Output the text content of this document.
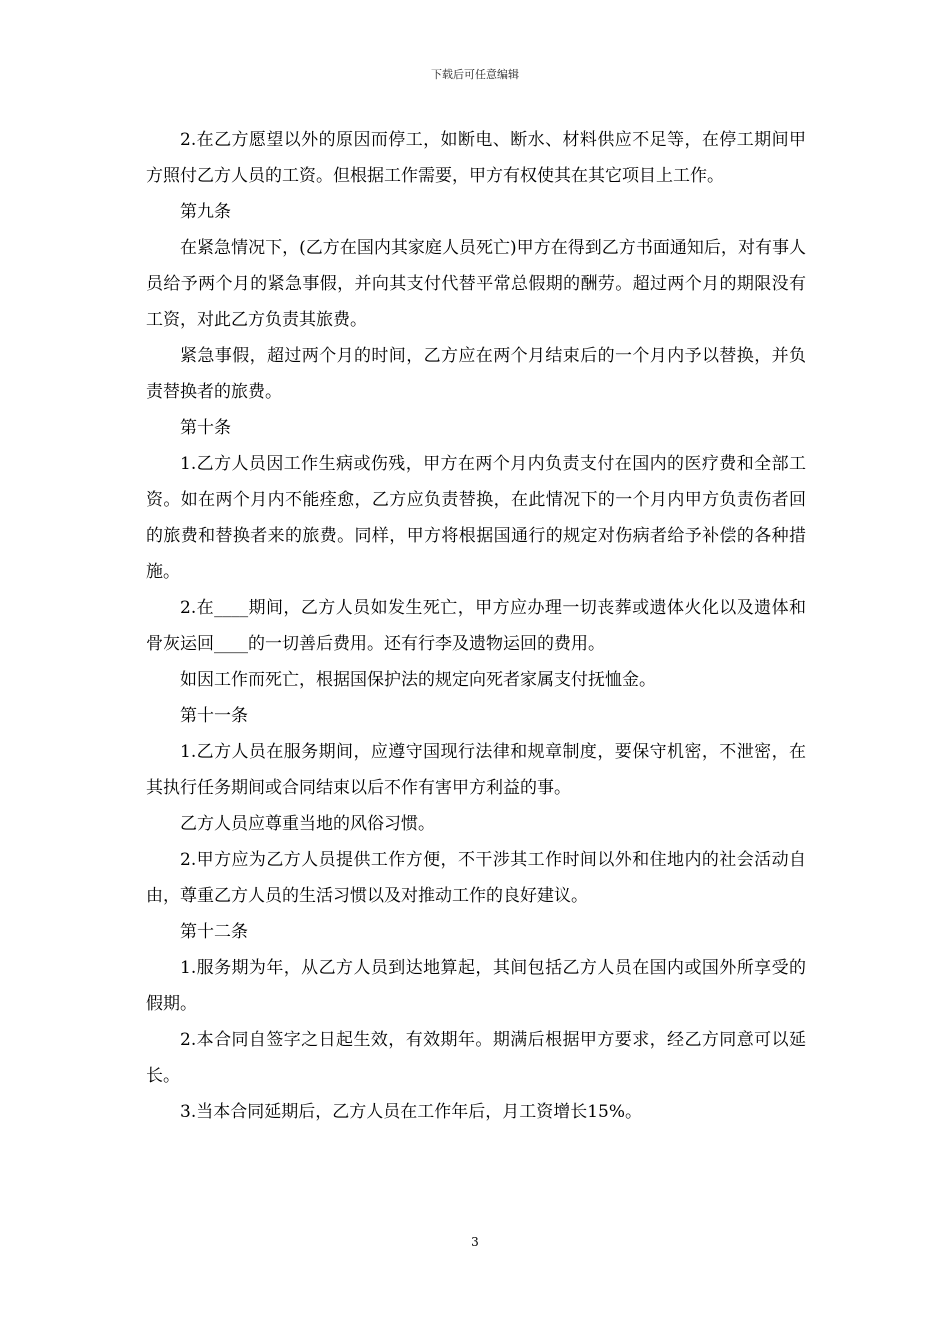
下载后可任意编辑

2.在乙方愿望以外的原因而停工，如断电、断水、材料供应不足等，在停工期间甲方照付乙方人员的工资。但根据工作需要，甲方有权使其在其它项目上工作。

第九条

在紧急情况下，(乙方在国内其家庭人员死亡)甲方在得到乙方书面通知后，对有事人员给予两个月的紧急事假，并向其支付代替平常总假期的酬劳。超过两个月的期限没有工资，对此乙方负责其旅费。

紧急事假，超过两个月的时间，乙方应在两个月结束后的一个月内予以替换，并负责替换者的旅费。

第十条

1.乙方人员因工作生病或伤残，甲方在两个月内负责支付在国内的医疗费和全部工资。如在两个月内不能痊愈，乙方应负责替换，在此情况下的一个月内甲方负责伤者回的旅费和替换者来的旅费。同样，甲方将根据国通行的规定对伤病者给予补偿的各种措施。

2.在____期间，乙方人员如发生死亡，甲方应办理一切丧葬或遗体火化以及遗体和骨灰运回____的一切善后费用。还有行李及遗物运回的费用。

如因工作而死亡，根据国保护法的规定向死者家属支付抚恤金。

第十一条

1.乙方人员在服务期间，应遵守国现行法律和规章制度，要保守机密，不泄密，在其执行任务期间或合同结束以后不作有害甲方利益的事。

乙方人员应尊重当地的风俗习惯。

2.甲方应为乙方人员提供工作方便，不干涉其工作时间以外和住地内的社会活动自由，尊重乙方人员的生活习惯以及对推动工作的良好建议。

第十二条

1.服务期为年，从乙方人员到达地算起，其间包括乙方人员在国内或国外所享受的假期。

2.本合同自签字之日起生效，有效期年。期满后根据甲方要求，经乙方同意可以延长。

3.当本合同延期后，乙方人员在工作年后，月工资增长15%。

3
